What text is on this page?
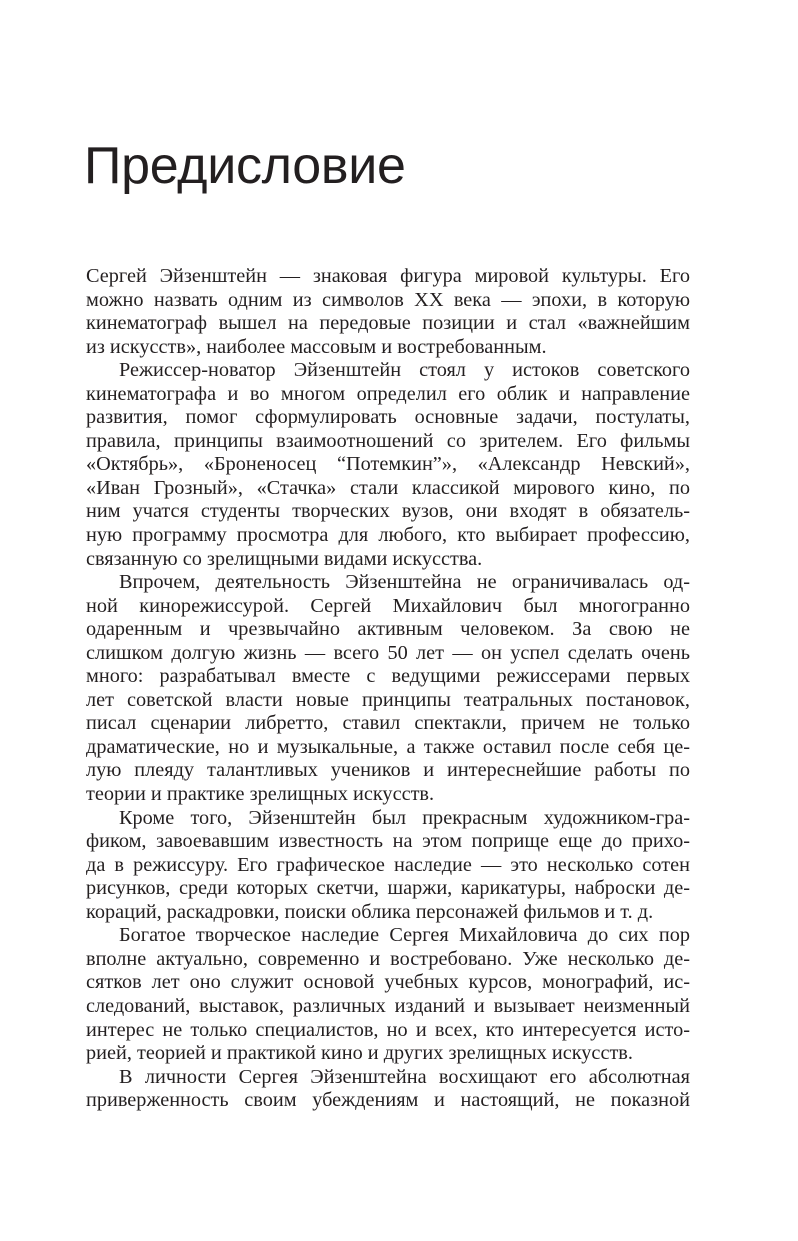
Предисловие
Сергей Эйзенштейн — знаковая фигура мировой культуры. Его
можно назвать одним из символов XX века — эпохи, в которую
кинематограф вышел на передовые позиции и стал «важнейшим
из искусств», наиболее массовым и востребованным.
Режиссер-новатор Эйзенштейн стоял у истоков советского
кинематографа и во многом определил его облик и направление
развития, помог сформулировать основные задачи, постулаты,
правила, принципы взаимоотношений со зрителем. Его фильмы
«Октябрь», «Броненосец “Потемкин”», «Александр Невский»,
«Иван Грозный», «Стачка» стали классикой мирового кино, по
ним учатся студенты творческих вузов, они входят в обязатель-
ную программу просмотра для любого, кто выбирает профессию,
связанную со зрелищными видами искусства.
Впрочем, деятельность Эйзенштейна не ограничивалась од-
ной кинорежиссурой. Сергей Михайлович был многогранно
одаренным и чрезвычайно активным человеком. За свою не
слишком долгую жизнь — всего 50 лет — он успел сделать очень
много: разрабатывал вместе с ведущими режиссерами первых
лет советской власти новые принципы театральных постановок,
писал сценарии либретто, ставил спектакли, причем не только
драматические, но и музыкальные, а также оставил после себя це-
лую плеяду талантливых учеников и интереснейшие работы по
теории и практике зрелищных искусств.
Кроме того, Эйзенштейн был прекрасным художником-гра-
фиком, завоевавшим известность на этом поприще еще до прихо-
да в режиссуру. Его графическое наследие — это несколько сотен
рисунков, среди которых скетчи, шаржи, карикатуры, наброски де-
кораций, раскадровки, поиски облика персонажей фильмов и т. д.
Богатое творческое наследие Сергея Михайловича до сих пор
вполне актуально, современно и востребовано. Уже несколько де-
сятков лет оно служит основой учебных курсов, монографий, ис-
следований, выставок, различных изданий и вызывает неизменный
интерес не только специалистов, но и всех, кто интересуется исто-
рией, теорией и практикой кино и других зрелищных искусств.
В личности Сергея Эйзенштейна восхищают его абсолютная
приверженность своим убеждениям и настоящий, не показной
